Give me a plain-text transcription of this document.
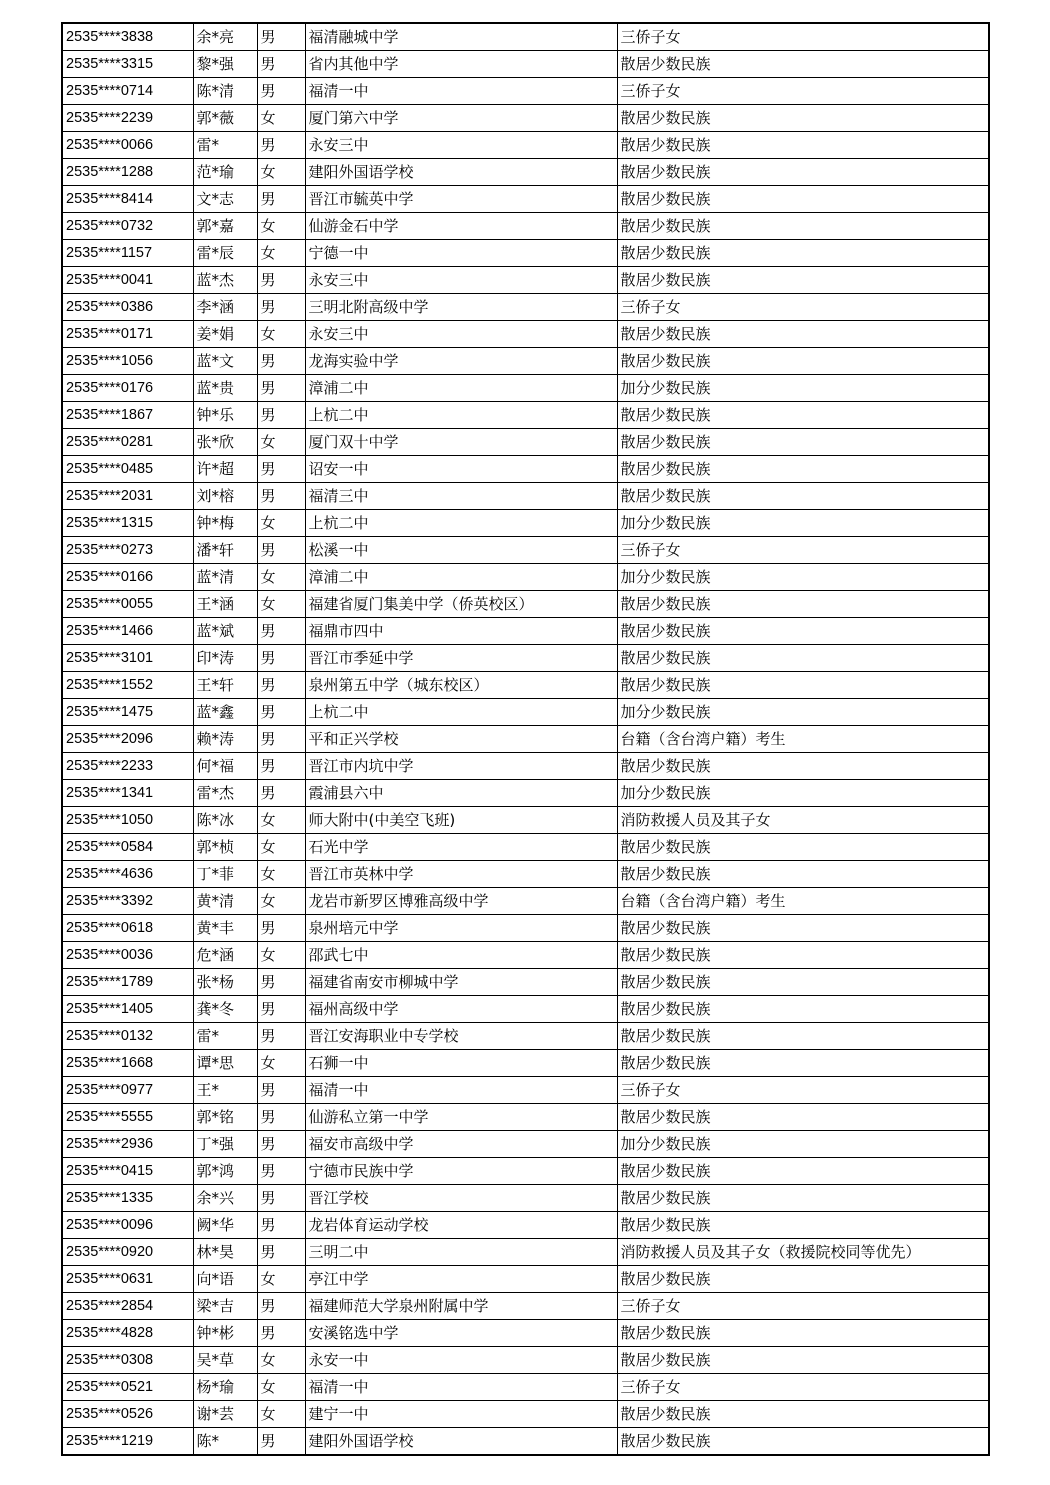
2535****3838	余*亮	男	福清融城中学	三侨子女
2535****3315	黎*强	男	省内其他中学	散居少数民族
2535****0714	陈*清	男	福清一中	三侨子女
2535****2239	郭*薇	女	厦门第六中学	散居少数民族
2535****0066	雷*	男	永安三中	散居少数民族
2535****1288	范*瑜	女	建阳外国语学校	散居少数民族
2535****8414	文*志	男	晋江市毓英中学	散居少数民族
2535****0732	郭*嘉	女	仙游金石中学	散居少数民族
2535****1157	雷*辰	女	宁德一中	散居少数民族
2535****0041	蓝*杰	男	永安三中	散居少数民族
2535****0386	李*涵	男	三明北附高级中学	三侨子女
2535****0171	姜*娟	女	永安三中	散居少数民族
2535****1056	蓝*文	男	龙海实验中学	散居少数民族
2535****0176	蓝*贵	男	漳浦二中	加分少数民族
2535****1867	钟*乐	男	上杭二中	散居少数民族
2535****0281	张*欣	女	厦门双十中学	散居少数民族
2535****0485	许*超	男	诏安一中	散居少数民族
2535****2031	刘*榕	男	福清三中	散居少数民族
2535****1315	钟*梅	女	上杭二中	加分少数民族
2535****0273	潘*轩	男	松溪一中	三侨子女
2535****0166	蓝*清	女	漳浦二中	加分少数民族
2535****0055	王*涵	女	福建省厦门集美中学（侨英校区）	散居少数民族
2535****1466	蓝*斌	男	福鼎市四中	散居少数民族
2535****3101	印*涛	男	晋江市季延中学	散居少数民族
2535****1552	王*轩	男	泉州第五中学（城东校区）	散居少数民族
2535****1475	蓝*鑫	男	上杭二中	加分少数民族
2535****2096	赖*涛	男	平和正兴学校	台籍（含台湾户籍）考生
2535****2233	何*福	男	晋江市内坑中学	散居少数民族
2535****1341	雷*杰	男	霞浦县六中	加分少数民族
2535****1050	陈*冰	女	师大附中(中美空飞班)	消防救援人员及其子女
2535****0584	郭*桢	女	石光中学	散居少数民族
2535****4636	丁*菲	女	晋江市英林中学	散居少数民族
2535****3392	黄*清	女	龙岩市新罗区博雅高级中学	台籍（含台湾户籍）考生
2535****0618	黄*丰	男	泉州培元中学	散居少数民族
2535****0036	危*涵	女	邵武七中	散居少数民族
2535****1789	张*杨	男	福建省南安市柳城中学	散居少数民族
2535****1405	龚*冬	男	福州高级中学	散居少数民族
2535****0132	雷*	男	晋江安海职业中专学校	散居少数民族
2535****1668	谭*思	女	石狮一中	散居少数民族
2535****0977	王*	男	福清一中	三侨子女
2535****5555	郭*铭	男	仙游私立第一中学	散居少数民族
2535****2936	丁*强	男	福安市高级中学	加分少数民族
2535****0415	郭*鸿	男	宁德市民族中学	散居少数民族
2535****1335	余*兴	男	晋江学校	散居少数民族
2535****0096	阙*华	男	龙岩体育运动学校	散居少数民族
2535****0920	林*昊	男	三明二中	消防救援人员及其子女（救援院校同等优先）
2535****0631	向*语	女	亭江中学	散居少数民族
2535****2854	梁*吉	男	福建师范大学泉州附属中学	三侨子女
2535****4828	钟*彬	男	安溪铭选中学	散居少数民族
2535****0308	吴*草	女	永安一中	散居少数民族
2535****0521	杨*瑜	女	福清一中	三侨子女
2535****0526	谢*芸	女	建宁一中	散居少数民族
2535****1219	陈*	男	建阳外国语学校	散居少数民族
